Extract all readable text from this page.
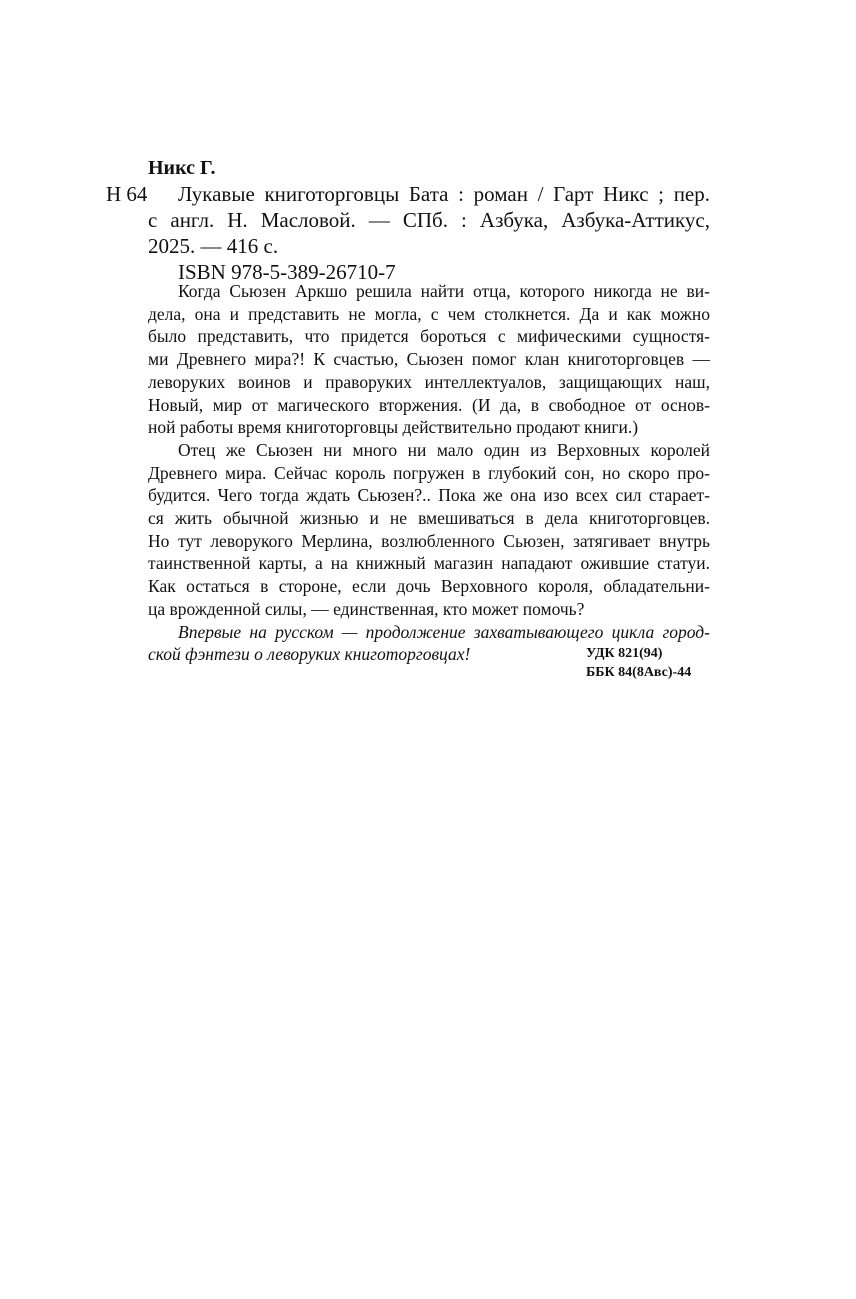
Никс Г.

Н 64	Лукавые книготорговцы Бата : роман / Гарт Никс ; пер.
с англ. Н. Масловой. — СПб. : Азбука, Азбука-Аттикус,
2025. — 416 с.
ISBN 978-5-389-26710-7
Когда Сьюзен Аркшо решила найти отца, которого никогда не ви-
дела, она и представить не могла, с чем столкнется. Да и как можно
было представить, что придется бороться с мифическими сущностя-
ми Древнего мира?! К счастью, Сьюзен помог клан книготорговцев —
леворуких воинов и праворуких интеллектуалов, защищающих наш,
Новый, мир от магического вторжения. (И да, в свободное от основ-
ной работы время книготорговцы действительно продают книги.)
Отец же Сьюзен ни много ни мало один из Верховных королей
Древнего мира. Сейчас король погружен в глубокий сон, но скоро про-
будится. Чего тогда ждать Сьюзен?.. Пока же она изо всех сил старает-
ся жить обычной жизнью и не вмешиваться в дела книготорговцев.
Но тут леворукого Мерлина, возлюбленного Сьюзен, затягивает внутрь
таинственной карты, а на книжный магазин нападают ожившие статуи.
Как остаться в стороне, если дочь Верховного короля, обладательни-
ца врожденной силы, — единственная, кто может помочь?
Впервые на русском — продолжение захватывающего цикла город-
ской фэнтези о леворуких книготорговцах!	УДК 821(94)
ББК 84(8Авс)-44
